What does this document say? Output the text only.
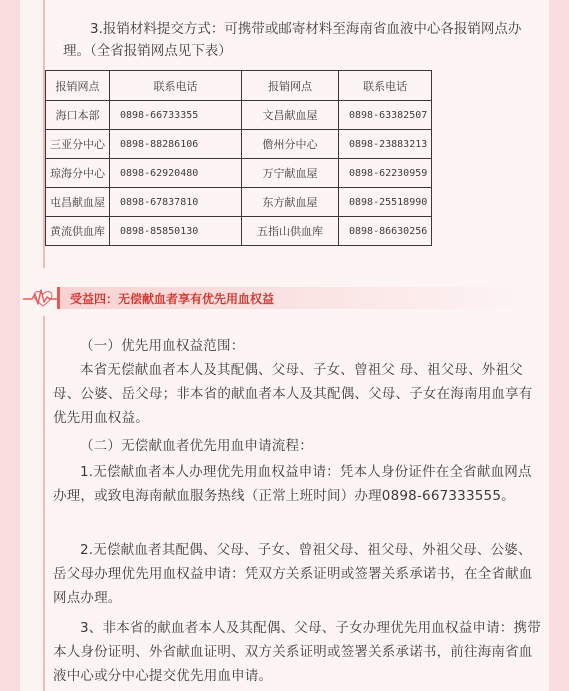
3.报销材料提交方式：可携带或邮寄材料至海南省血液中心各报销网点办理。（全省报销网点见下表）

报销网点	联系电话	报销网点	联系电话
海口本部	0898-66733355	文昌献血屋	0898-63382507
三亚分中心	0898-88286106	儋州分中心	0898-23883213
琼海分中心	0898-62920480	万宁献血屋	0898-62230959
屯昌献血屋	0898-67837810	东方献血屋	0898-25518990
黄流供血库	0898-85850130	五指山供血库	0898-86630256
受益四：无偿献血者享有优先用血权益

（一）优先用血权益范围：

本省无偿献血者本人及其配偶、父母、子女、曾祖父 母、祖父母、外祖父母、公婆、岳父母；非本省的献血者本人及其配偶、父母、子女在海南用血享有优先用血权益。

（二）无偿献血者优先用血申请流程：

1.无偿献血者本人办理优先用血权益申请：凭本人身份证件在全省献血网点办理，或致电海南献血服务热线（正常上班时间）办理0898-667333555。

2.无偿献血者其配偶、父母、子女、曾祖父母、祖父母、外祖父母、公婆、岳父母办理优先用血权益申请：凭双方关系证明或签署关系承诺书，在全省献血网点办理。

3、非本省的献血者本人及其配偶、父母、子女办理优先用血权益申请：携带本人身份证明、外省献血证明、双方关系证明或签署关系承诺书，前往海南省血液中心或分中心提交优先用血申请。
